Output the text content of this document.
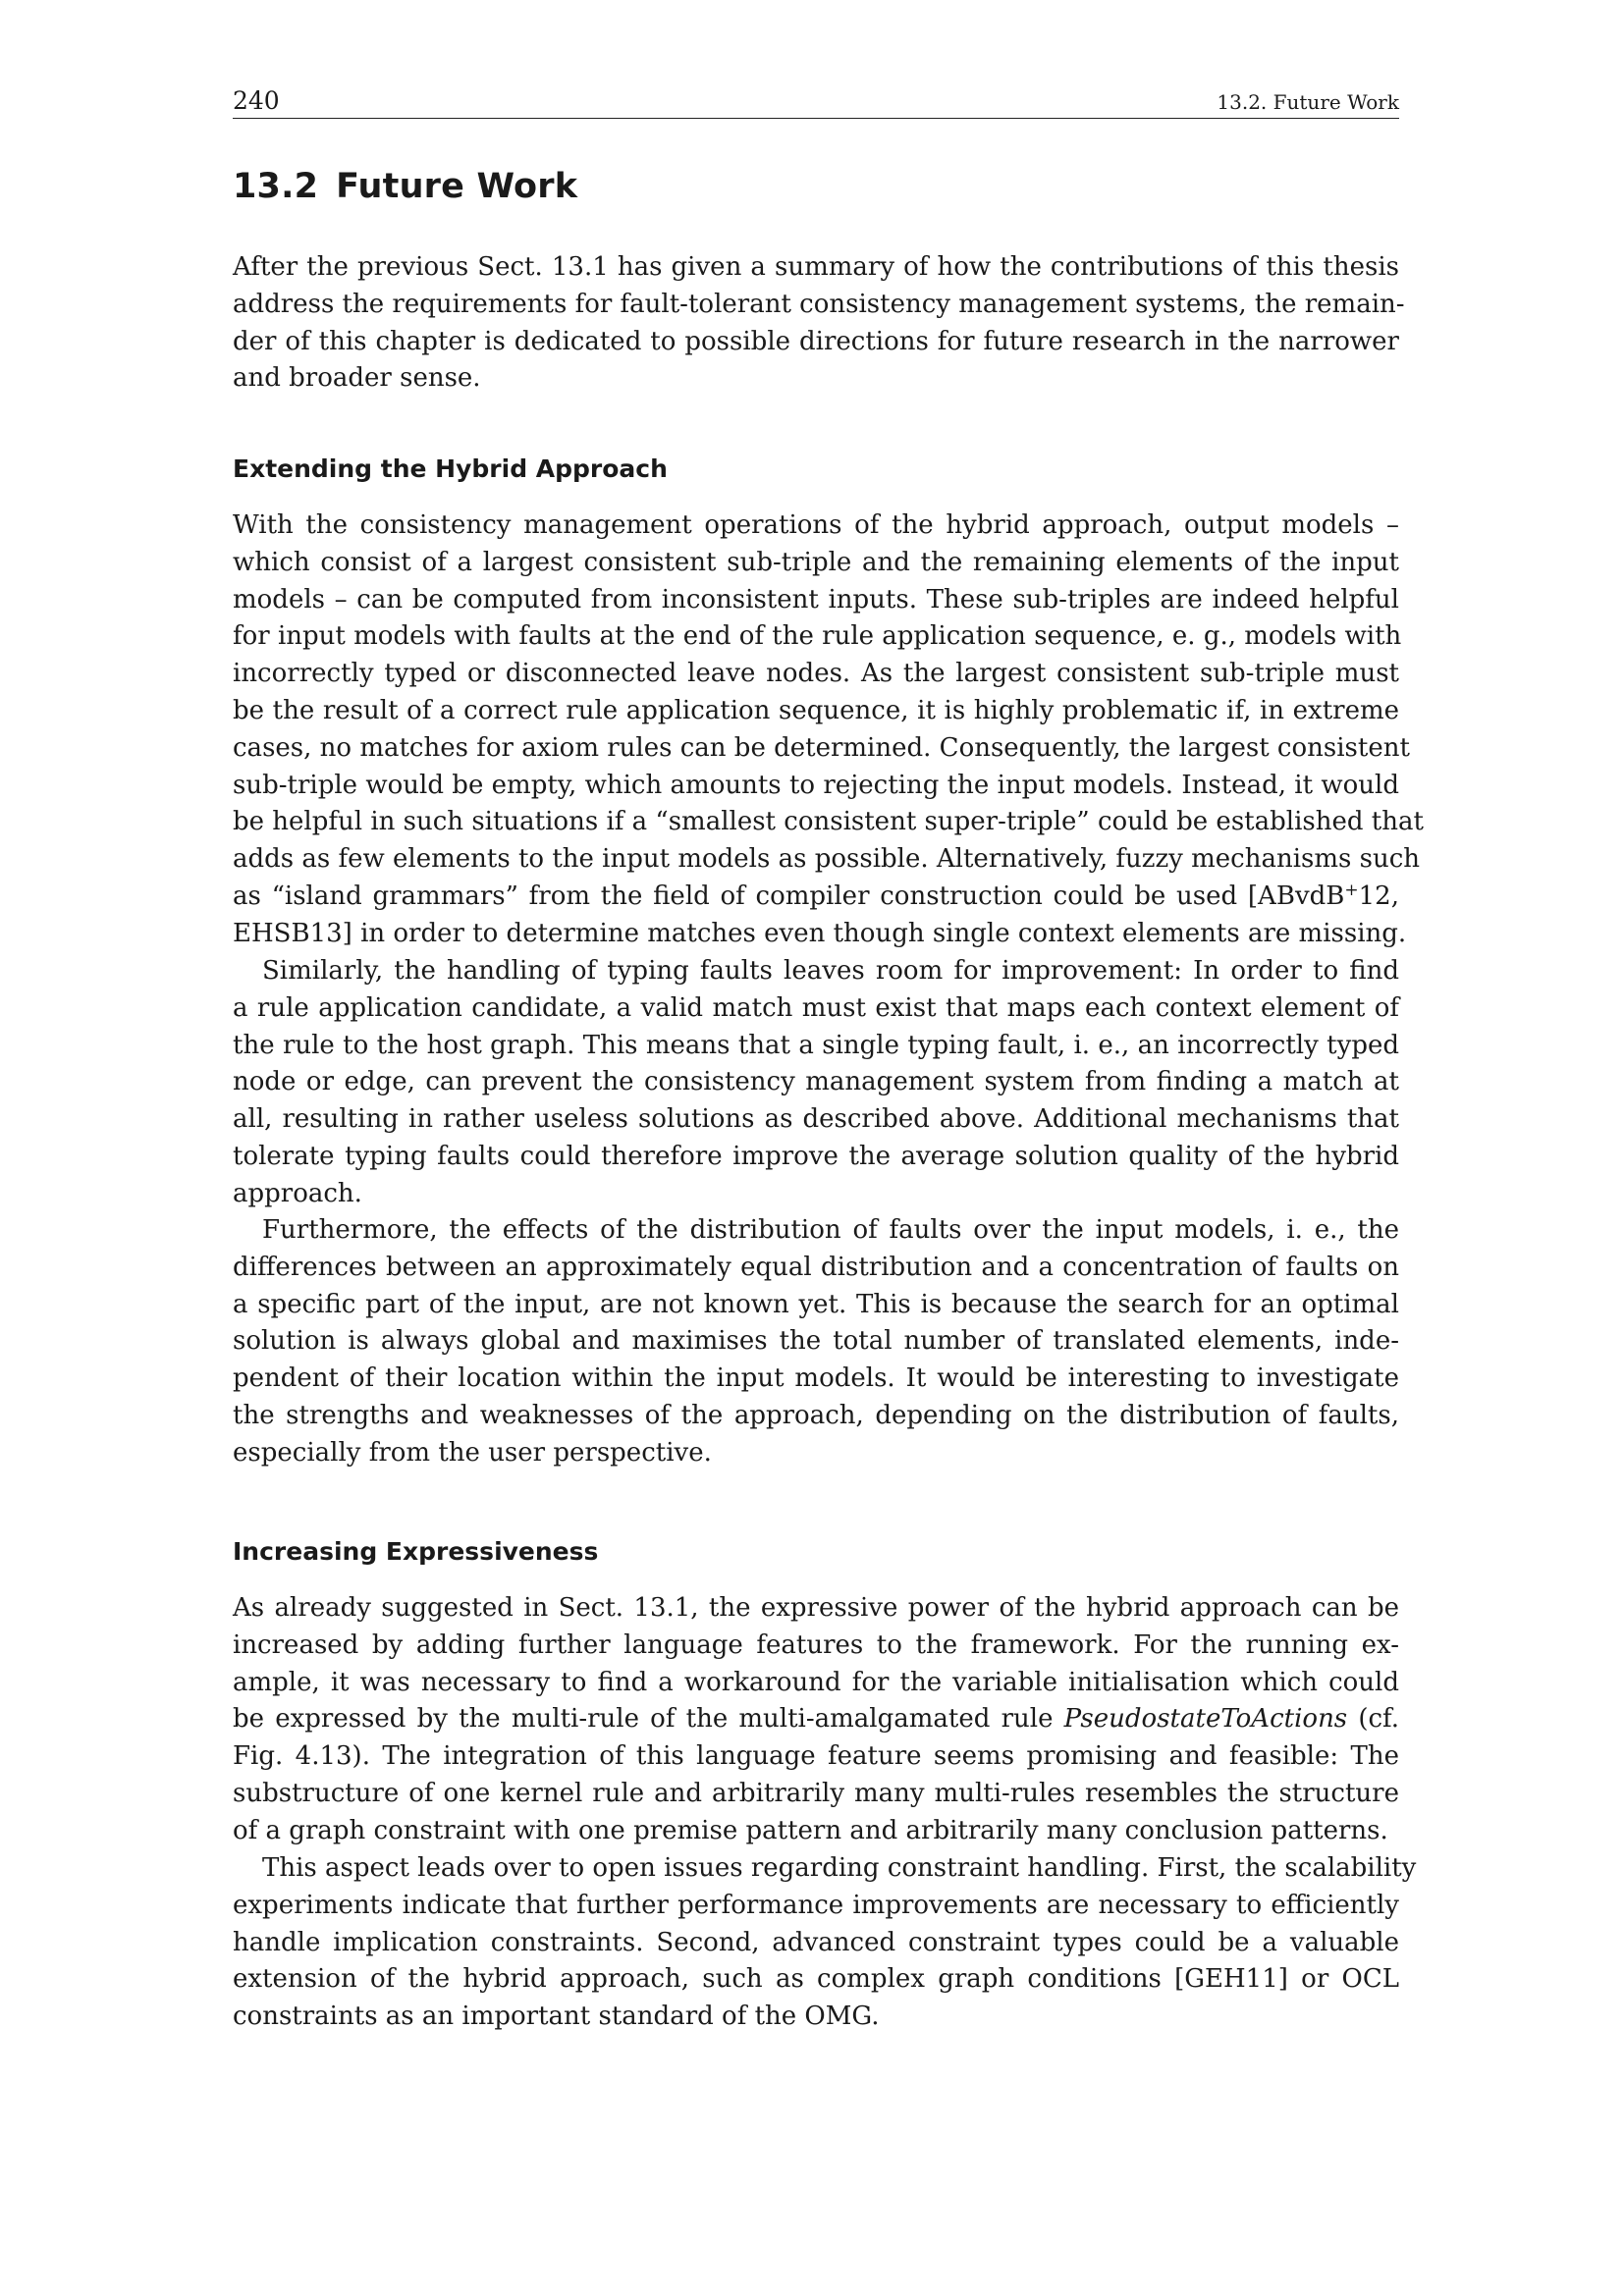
240	13.2. Future Work
13.2 Future Work
After the previous Sect. 13.1 has given a summary of how the contributions of this thesis
address the requirements for fault-tolerant consistency management systems, the remain-
der of this chapter is dedicated to possible directions for future research in the narrower
and broader sense.
Extending the Hybrid Approach
With the consistency management operations of the hybrid approach, output models –
which consist of a largest consistent sub-triple and the remaining elements of the input
models – can be computed from inconsistent inputs. These sub-triples are indeed helpful
for input models with faults at the end of the rule application sequence, e. g., models with
incorrectly typed or disconnected leave nodes. As the largest consistent sub-triple must
be the result of a correct rule application sequence, it is highly problematic if, in extreme
cases, no matches for axiom rules can be determined. Consequently, the largest consistent
sub-triple would be empty, which amounts to rejecting the input models. Instead, it would
be helpful in such situations if a “smallest consistent super-triple” could be established that
adds as few elements to the input models as possible. Alternatively, fuzzy mechanisms such
as “island grammars” from the field of compiler construction could be used [ABvdB+12,
EHSB13] in order to determine matches even though single context elements are missing.
Similarly, the handling of typing faults leaves room for improvement: In order to find
a rule application candidate, a valid match must exist that maps each context element of
the rule to the host graph. This means that a single typing fault, i. e., an incorrectly typed
node or edge, can prevent the consistency management system from finding a match at
all, resulting in rather useless solutions as described above. Additional mechanisms that
tolerate typing faults could therefore improve the average solution quality of the hybrid
approach.
Furthermore, the effects of the distribution of faults over the input models, i. e., the
differences between an approximately equal distribution and a concentration of faults on
a specific part of the input, are not known yet. This is because the search for an optimal
solution is always global and maximises the total number of translated elements, inde-
pendent of their location within the input models. It would be interesting to investigate
the strengths and weaknesses of the approach, depending on the distribution of faults,
especially from the user perspective.
Increasing Expressiveness
As already suggested in Sect. 13.1, the expressive power of the hybrid approach can be
increased by adding further language features to the framework. For the running ex-
ample, it was necessary to find a workaround for the variable initialisation which could
be expressed by the multi-rule of the multi-amalgamated rule PseudostateToActions (cf.
Fig. 4.13). The integration of this language feature seems promising and feasible: The
substructure of one kernel rule and arbitrarily many multi-rules resembles the structure
of a graph constraint with one premise pattern and arbitrarily many conclusion patterns.
This aspect leads over to open issues regarding constraint handling. First, the scalability
experiments indicate that further performance improvements are necessary to efficiently
handle implication constraints. Second, advanced constraint types could be a valuable
extension of the hybrid approach, such as complex graph conditions [GEH11] or OCL
constraints as an important standard of the OMG.
